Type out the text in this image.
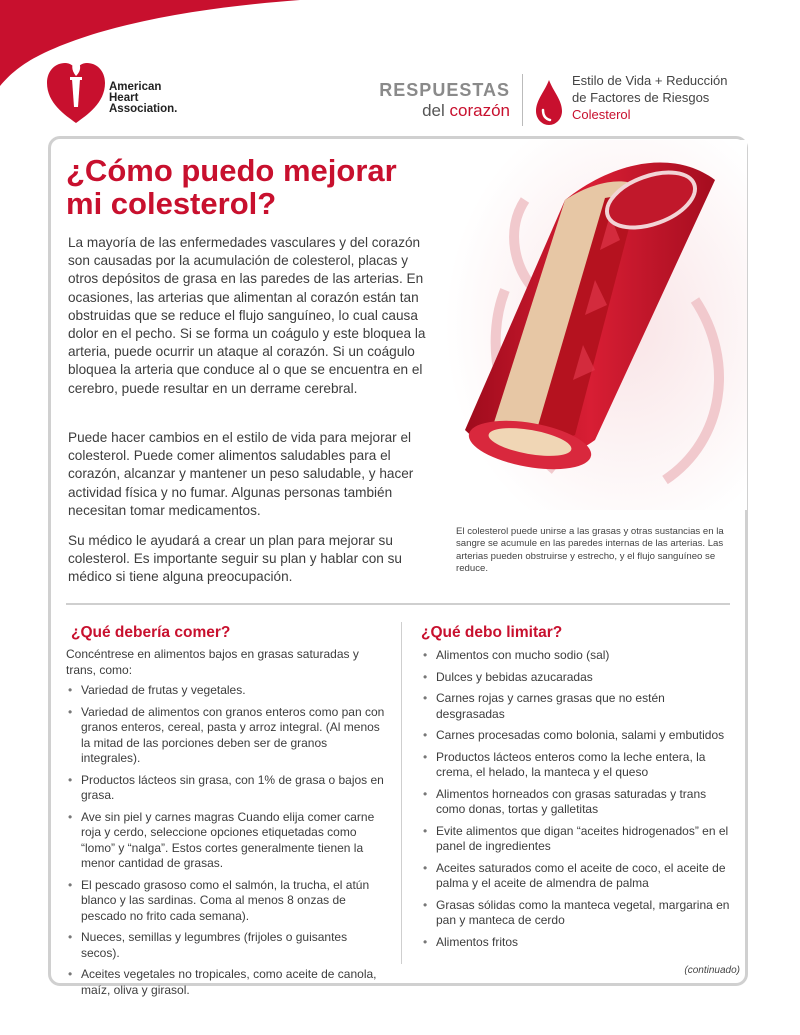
American
Heart
Association.
RESPUESTAS
del corazón
Estilo de Vida + Reducción
de Factores de Riesgos
Colesterol
¿Cómo puedo mejorar mi colesterol?

La mayoría de las enfermedades vasculares y del corazón son causadas por la acumulación de colesterol, placas y otros depósitos de grasa en las paredes de las arterias. En ocasiones, las arterias que alimentan al corazón están tan obstruidas que se reduce el flujo sanguíneo, lo cual causa dolor en el pecho. Si se forma un coágulo y este bloquea la arteria, puede ocurrir un ataque al corazón. Si un coágulo bloquea la arteria que conduce al o que se encuentra en el cerebro, puede resultar en un derrame cerebral.

Puede hacer cambios en el estilo de vida para mejorar el colesterol. Puede comer alimentos saludables para el corazón, alcanzar y mantener un peso saludable, y hacer actividad física y no fumar. Algunas personas también necesitan tomar medicamentos.

Su médico le ayudará a crear un plan para mejorar su colesterol. Es importante seguir su plan y hablar con su médico si tiene alguna preocupación.

El colesterol puede unirse a las grasas y otras sustancias en la sangre se acumule en las paredes internas de las arterias. Las arterias pueden obstruirse y estrecho, y el flujo sanguíneo se reduce.

¿Qué debería comer?
Concéntrese en alimentos bajos en grasas saturadas y trans, como:
• Variedad de frutas y vegetales.
• Variedad de alimentos con granos enteros como pan con granos enteros, cereal, pasta y arroz integral. (Al menos la mitad de las porciones deben ser de granos integrales).
• Productos lácteos sin grasa, con 1% de grasa o bajos en grasa.
• Ave sin piel y carnes magras Cuando elija comer carne roja y cerdo, seleccione opciones etiquetadas como “lomo” y “nalga”. Estos cortes generalmente tienen la menor cantidad de grasas.
• El pescado grasoso como el salmón, la trucha, el atún blanco y las sardinas. Coma al menos 8 onzas de pescado no frito cada semana).
• Nueces, semillas y legumbres (frijoles o guisantes secos).
• Aceites vegetales no tropicales, como aceite de canola, maíz, oliva y girasol.
¿Qué debo limitar?
• Alimentos con mucho sodio (sal)
• Dulces y bebidas azucaradas
• Carnes rojas y carnes grasas que no estén desgrasadas
• Carnes procesadas como bolonia, salami y embutidos
• Productos lácteos enteros como la leche entera, la crema, el helado, la manteca y el queso
• Alimentos horneados con grasas saturadas y trans como donas, tortas y galletitas
• Evite alimentos que digan “aceites hidrogenados” en el panel de ingredientes
• Aceites saturados como el aceite de coco, el aceite de palma y el aceite de almendra de palma
• Grasas sólidas como la manteca vegetal, margarina en pan y manteca de cerdo
• Alimentos fritos
(continuado)
